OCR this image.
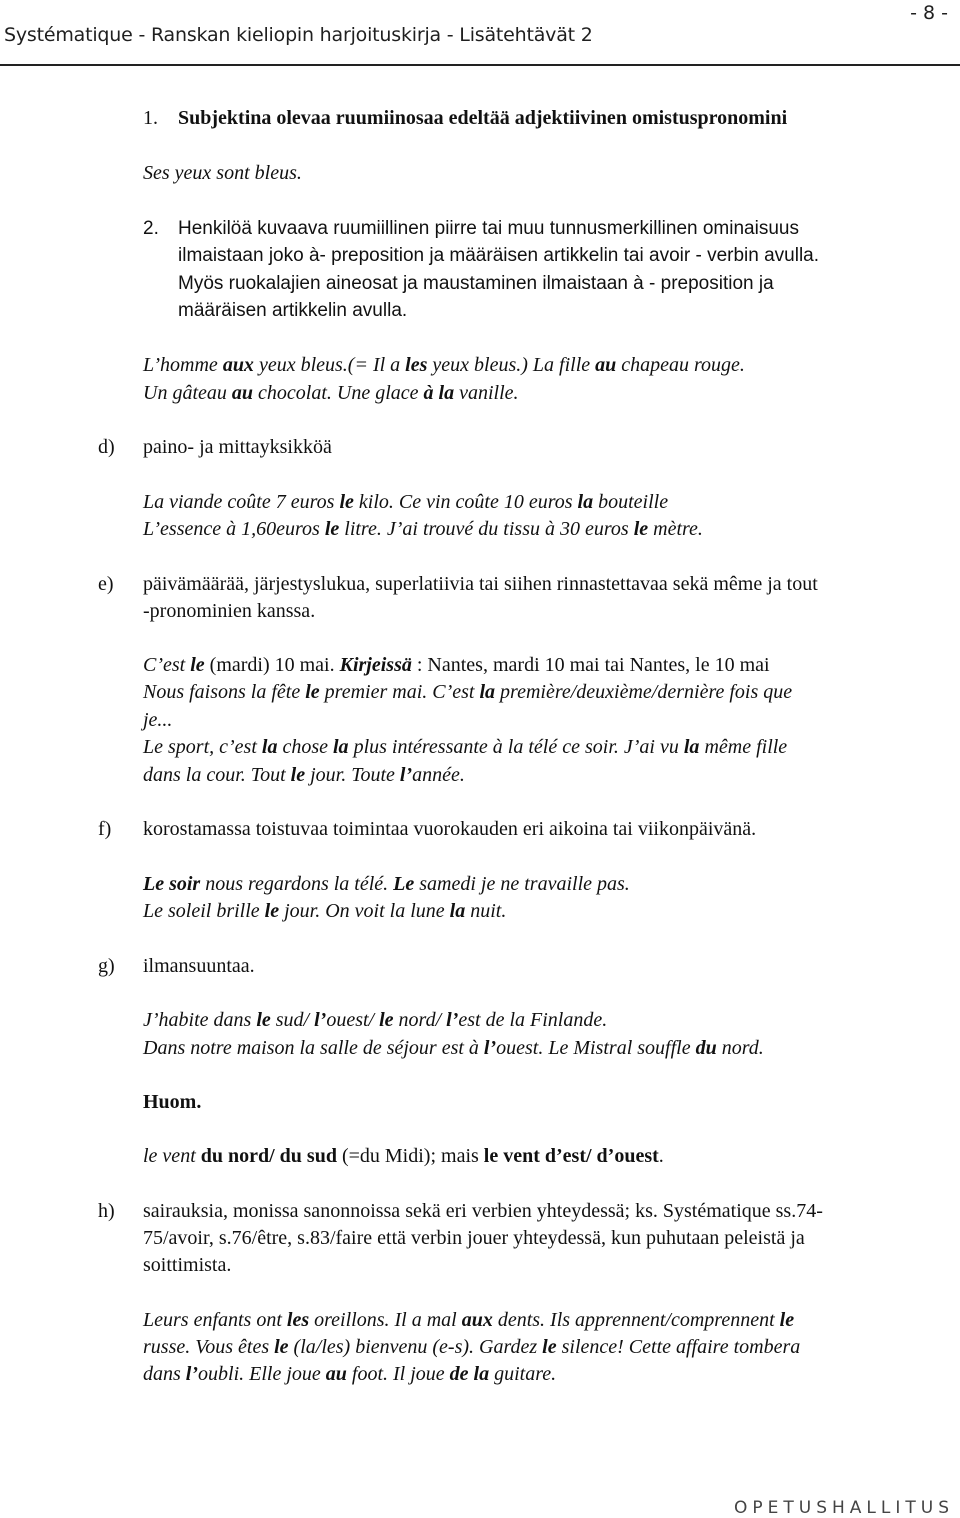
Systématique - Ranskan kieliopin harjoituskirja - Lisätehtävät 2
- 8 -
1. Subjektina olevaa ruumiinosaa edeltää adjektiivinen omistuspronomini
Ses yeux sont bleus.
2. Henkilöä kuvaava ruumiillinen piirre tai muu tunnusmerkillinen ominaisuus
ilmaistaan joko à- preposition ja määräisen artikkelin tai avoir - verbin avulla.
Myös ruokalajien aineosat ja maustaminen ilmaistaan à - preposition ja
määräisen artikkelin avulla.
L’homme aux yeux bleus.(= Il a les yeux bleus.) La fille au chapeau rouge.
Un gâteau au chocolat. Une glace à la vanille.
d) paino- ja mittayksikköä
La viande coûte 7 euros le kilo. Ce vin coûte 10 euros la bouteille
L’essence à 1,60euros le litre. J’ai trouvé du tissu à 30 euros le mètre.
e) päivämäärää, järjestyslukua, superlatiivia tai siihen rinnastettavaa sekä même ja tout
-pronominien kanssa.
C’est le (mardi) 10 mai. Kirjeissä : Nantes, mardi 10 mai tai Nantes, le 10 mai
Nous faisons la fête le premier mai. C’est la première/deuxième/dernière fois que
je...
Le sport, c’est la chose la plus intéressante à la télé ce soir. J’ai vu la même fille
dans la cour. Tout le jour. Toute l’année.
f) korostamassa toistuvaa toimintaa vuorokauden eri aikoina tai viikonpäivänä.
Le soir nous regardons la télé. Le samedi je ne travaille pas.
Le soleil brille le jour. On voit la lune la nuit.
g) ilmansuuntaa.
J’habite dans le sud/ l’ouest/ le nord/ l’est de la Finlande.
Dans notre maison la salle de séjour est à l’ouest. Le Mistral souffle du nord.
Huom.
le vent du nord/ du sud (=du Midi); mais le vent d’est/ d’ouest.
h) sairauksia, monissa sanonnoissa sekä eri verbien yhteydessä; ks. Systématique ss.74-
75/avoir, s.76/être, s.83/faire että verbin jouer yhteydessä, kun puhutaan peleistä ja
soittimista.
Leurs enfants ont les oreillons. Il a mal aux dents. Ils apprennent/comprennent le
russe. Vous êtes le (la/les) bienvenu (e-s). Gardez le silence! Cette affaire tombera
dans l’oubli. Elle joue au foot. Il joue de la guitare.
OPETUSHALLITUS
